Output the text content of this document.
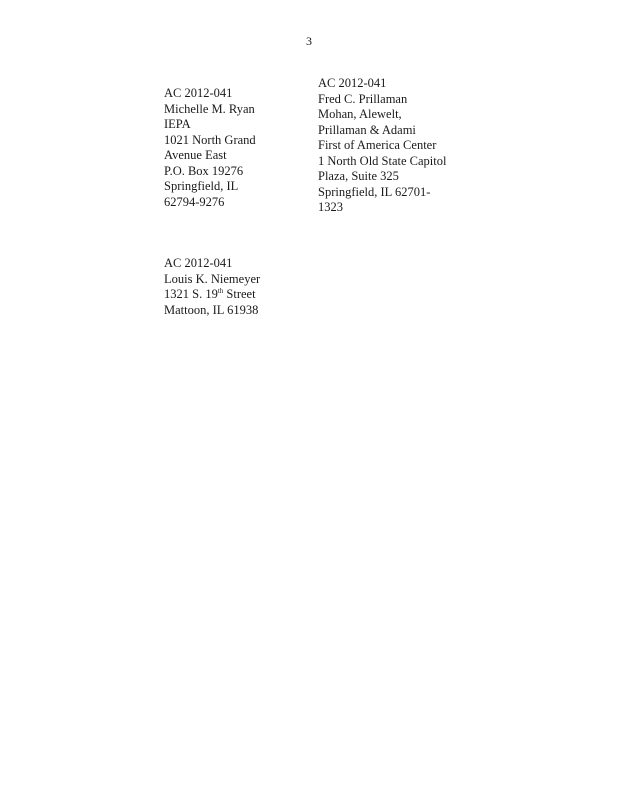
3
AC 2012-041
Michelle M. Ryan
IEPA
1021 North Grand
Avenue East
P.O. Box 19276
Springfield, IL
62794-9276
AC 2012-041
Fred C. Prillaman
Mohan, Alewelt,
Prillaman & Adami
First of America Center
1 North Old State Capitol
Plaza, Suite 325
Springfield, IL 62701-
1323
AC 2012-041
Louis K. Niemeyer
1321 S. 19th Street
Mattoon, IL 61938
